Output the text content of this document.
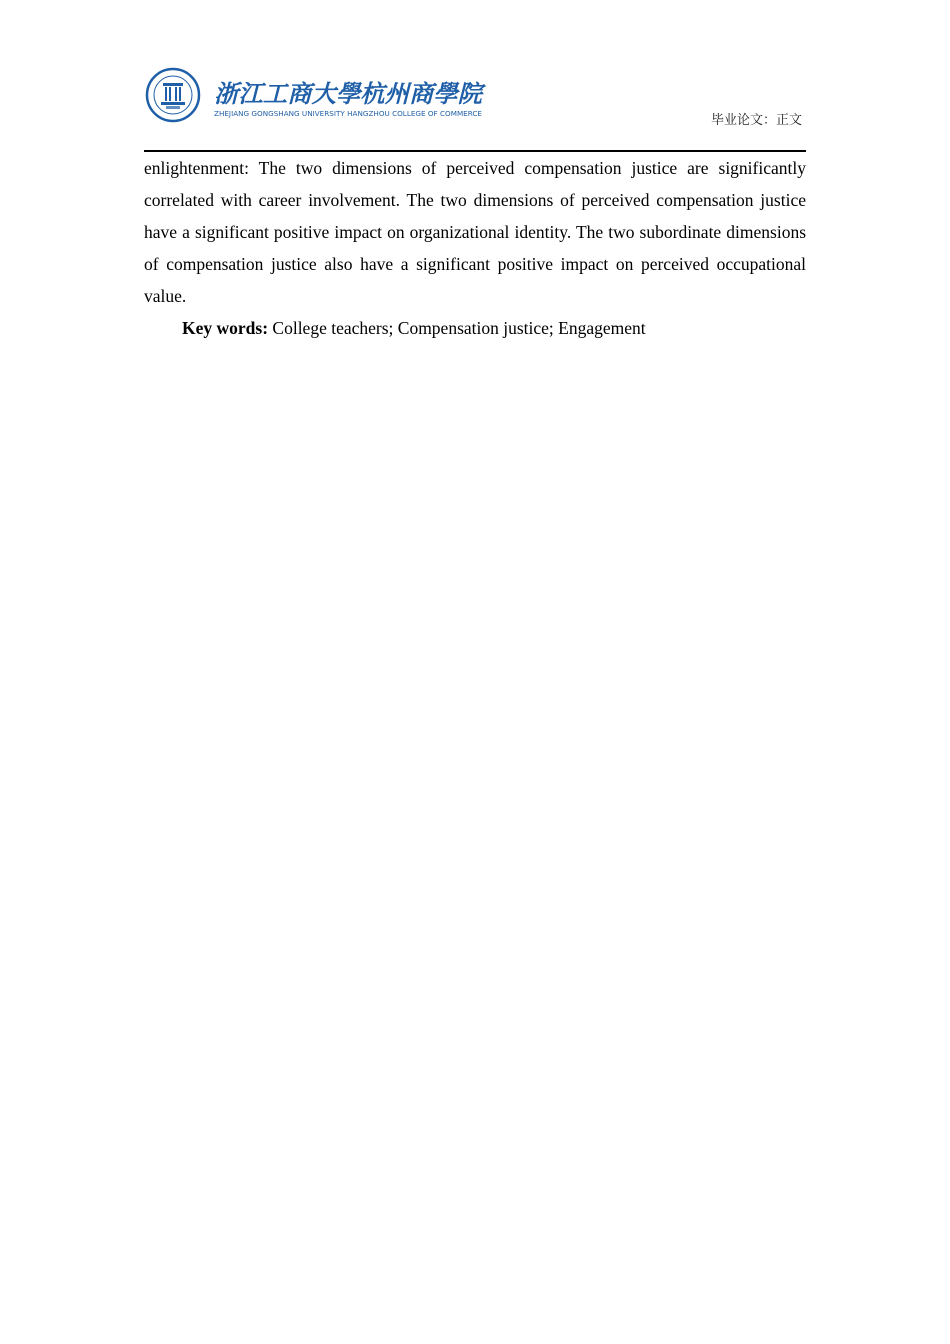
浙江工商大學杭州商學院
ZHEJIANG GONGSHANG UNIVERSITY HANGZHOU COLLEGE OF COMMERCE	毕业论文：正文

enlightenment: The two dimensions of perceived compensation justice are significantly correlated with career involvement. The two dimensions of perceived compensation justice have a significant positive impact on organizational identity. The two subordinate dimensions of compensation justice also have a significant positive impact on perceived occupational value.

Key words: College teachers; Compensation justice; Engagement
